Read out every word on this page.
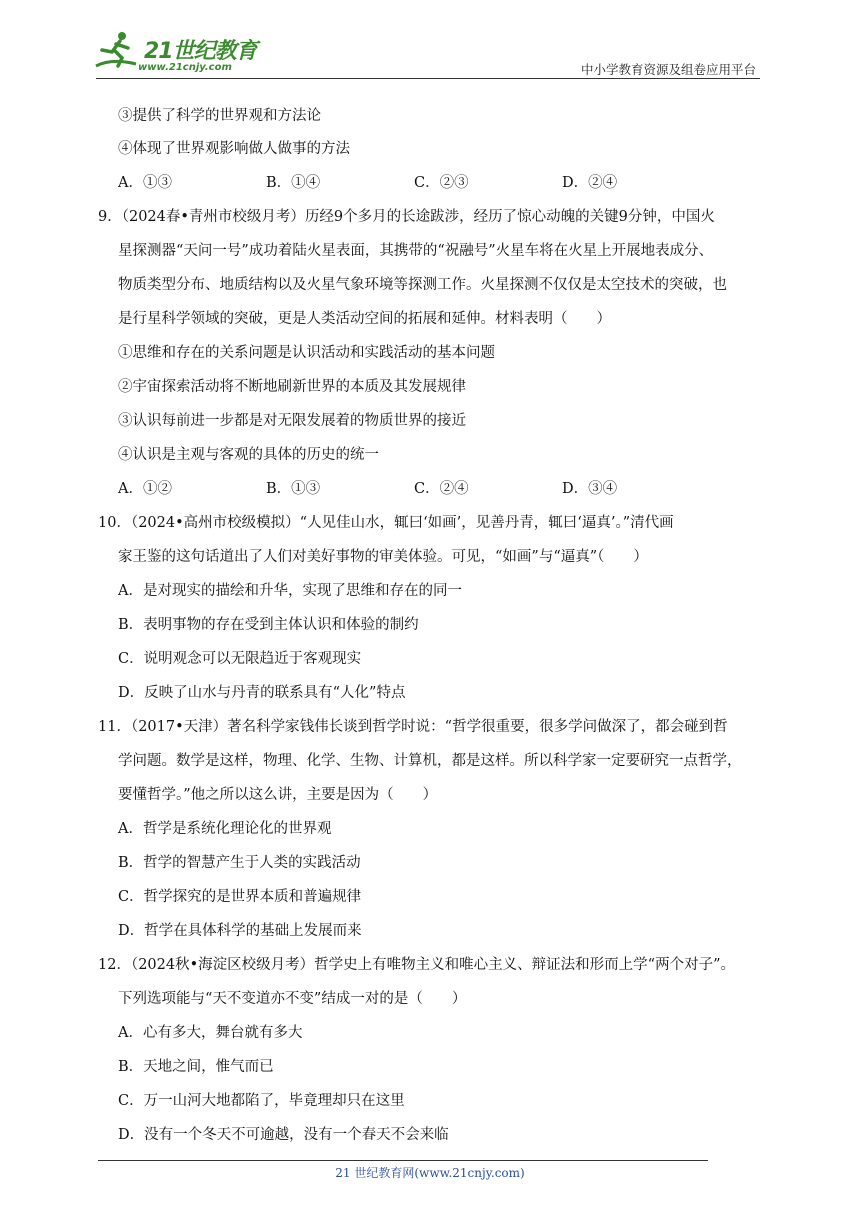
21世纪教育
www.21cnjy.com	中小学教育资源及组卷应用平台
③提供了科学的世界观和方法论
④体现了世界观影响做人做事的方法
A．①③	B．①④	C．②③	D．②④
9．（2024春•青州市校级月考）历经9个多月的长途跋涉，经历了惊心动魄的关键9分钟，中国火
星探测器“天问一号”成功着陆火星表面，其携带的“祝融号”火星车将在火星上开展地表成分、
物质类型分布、地质结构以及火星气象环境等探测工作。火星探测不仅仅是太空技术的突破，也
是行星科学领域的突破，更是人类活动空间的拓展和延伸。材料表明（　　）
①思维和存在的关系问题是认识活动和实践活动的基本问题
②宇宙探索活动将不断地刷新世界的本质及其发展规律
③认识每前进一步都是对无限发展着的物质世界的接近
④认识是主观与客观的具体的历史的统一
A．①②	B．①③	C．②④	D．③④
10．（2024•高州市校级模拟）“人见佳山水，辄曰‘如画’，见善丹青，辄曰‘逼真’。”清代画
家王鉴的这句话道出了人们对美好事物的审美体验。可见，“如画”与“逼真”（　　）
A．是对现实的描绘和升华，实现了思维和存在的同一
B．表明事物的存在受到主体认识和体验的制约
C．说明观念可以无限趋近于客观现实
D．反映了山水与丹青的联系具有“人化”特点
11．（2017•天津）著名科学家钱伟长谈到哲学时说：“哲学很重要，很多学问做深了，都会碰到哲
学问题。数学是这样，物理、化学、生物、计算机，都是这样。所以科学家一定要研究一点哲学，
要懂哲学。”他之所以这么讲，主要是因为（　　）
A．哲学是系统化理论化的世界观
B．哲学的智慧产生于人类的实践活动
C．哲学探究的是世界本质和普遍规律
D．哲学在具体科学的基础上发展而来
12．（2024秋•海淀区校级月考）哲学史上有唯物主义和唯心主义、辩证法和形而上学“两个对子”。
下列选项能与“天不变道亦不变”结成一对的是（　　）
A．心有多大，舞台就有多大
B．天地之间，惟气而已
C．万一山河大地都陷了，毕竟理却只在这里
D．没有一个冬天不可逾越，没有一个春天不会来临
21 世纪教育网(www.21cnjy.com)
